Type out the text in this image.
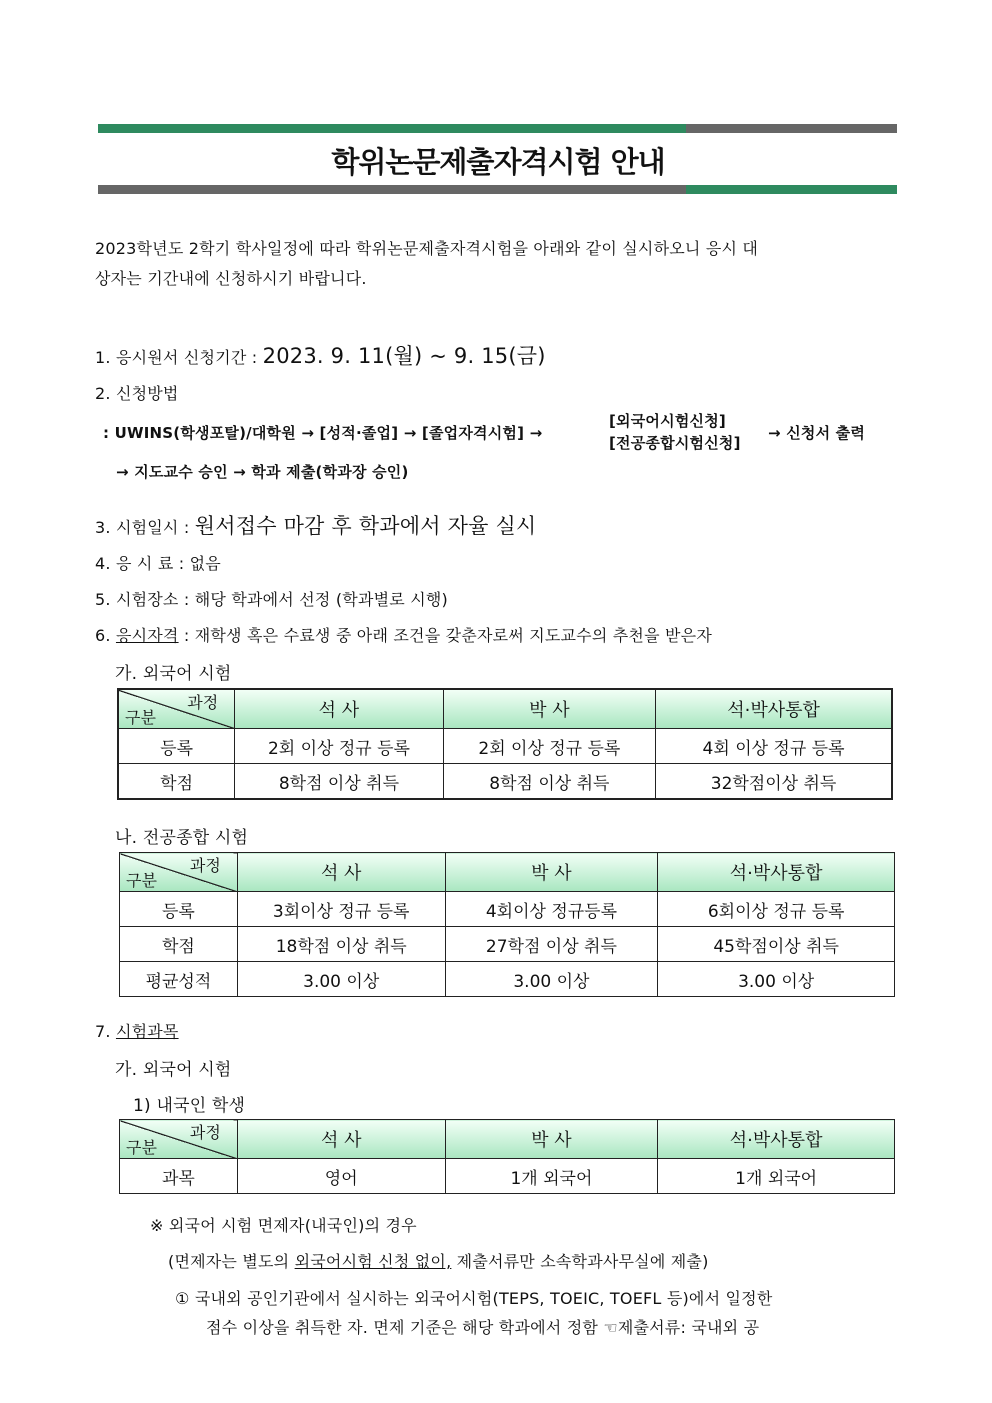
학위논문제출자격시험 안내
2023학년도 2학기 학사일정에 따라 학위논문제출자격시험을 아래와 같이 실시하오니 응시 대
상자는 기간내에 신청하시기 바랍니다.
1. 응시원서 신청기간 : 2023. 9. 11(월) ~ 9. 15(금)
2. 신청방법
: UWINS(학생포탈)/대학원 → [성적·졸업] → [졸업자격시험] →
[외국어시험신청]
[전공종합시험신청]
→ 신청서 출력
→ 지도교수 승인 → 학과 제출(학과장 승인)
3. 시험일시 : 원서접수 마감 후 학과에서 자율 실시
4. 응 시 료 : 없음
5. 시험장소 : 해당 학과에서 선정 (학과별로 시행)
6. 응시자격 : 재학생 혹은 수료생 중 아래 조건을 갖춘자로써 지도교수의 추천을 받은자
가. 외국어 시험
과정
구분	석 사	박 사	석·박사통합
등록	2회 이상 정규 등록	2회 이상 정규 등록	4회 이상 정규 등록
학점	8학점 이상 취득	8학점 이상 취득	32학점이상 취득
나. 전공종합 시험
과정
구분	석 사	박 사	석·박사통합
등록	3회이상 정규 등록	4회이상 정규등록	6회이상 정규 등록
학점	18학점 이상 취득	27학점 이상 취득	45학점이상 취득
평균성적	3.00 이상	3.00 이상	3.00 이상
7. 시험과목
가. 외국어 시험
1) 내국인 학생
과정
구분	석 사	박 사	석·박사통합
과목	영어	1개 외국어	1개 외국어
※ 외국어 시험 면제자(내국인)의 경우
(면제자는 별도의 외국어시험 신청 없이, 제출서류만 소속학과사무실에 제출)
① 국내외 공인기관에서 실시하는 외국어시험(TEPS, TOEIC, TOEFL 등)에서 일정한
점수 이상을 취득한 자. 면제 기준은 해당 학과에서 정함 ☜제출서류: 국내외 공
